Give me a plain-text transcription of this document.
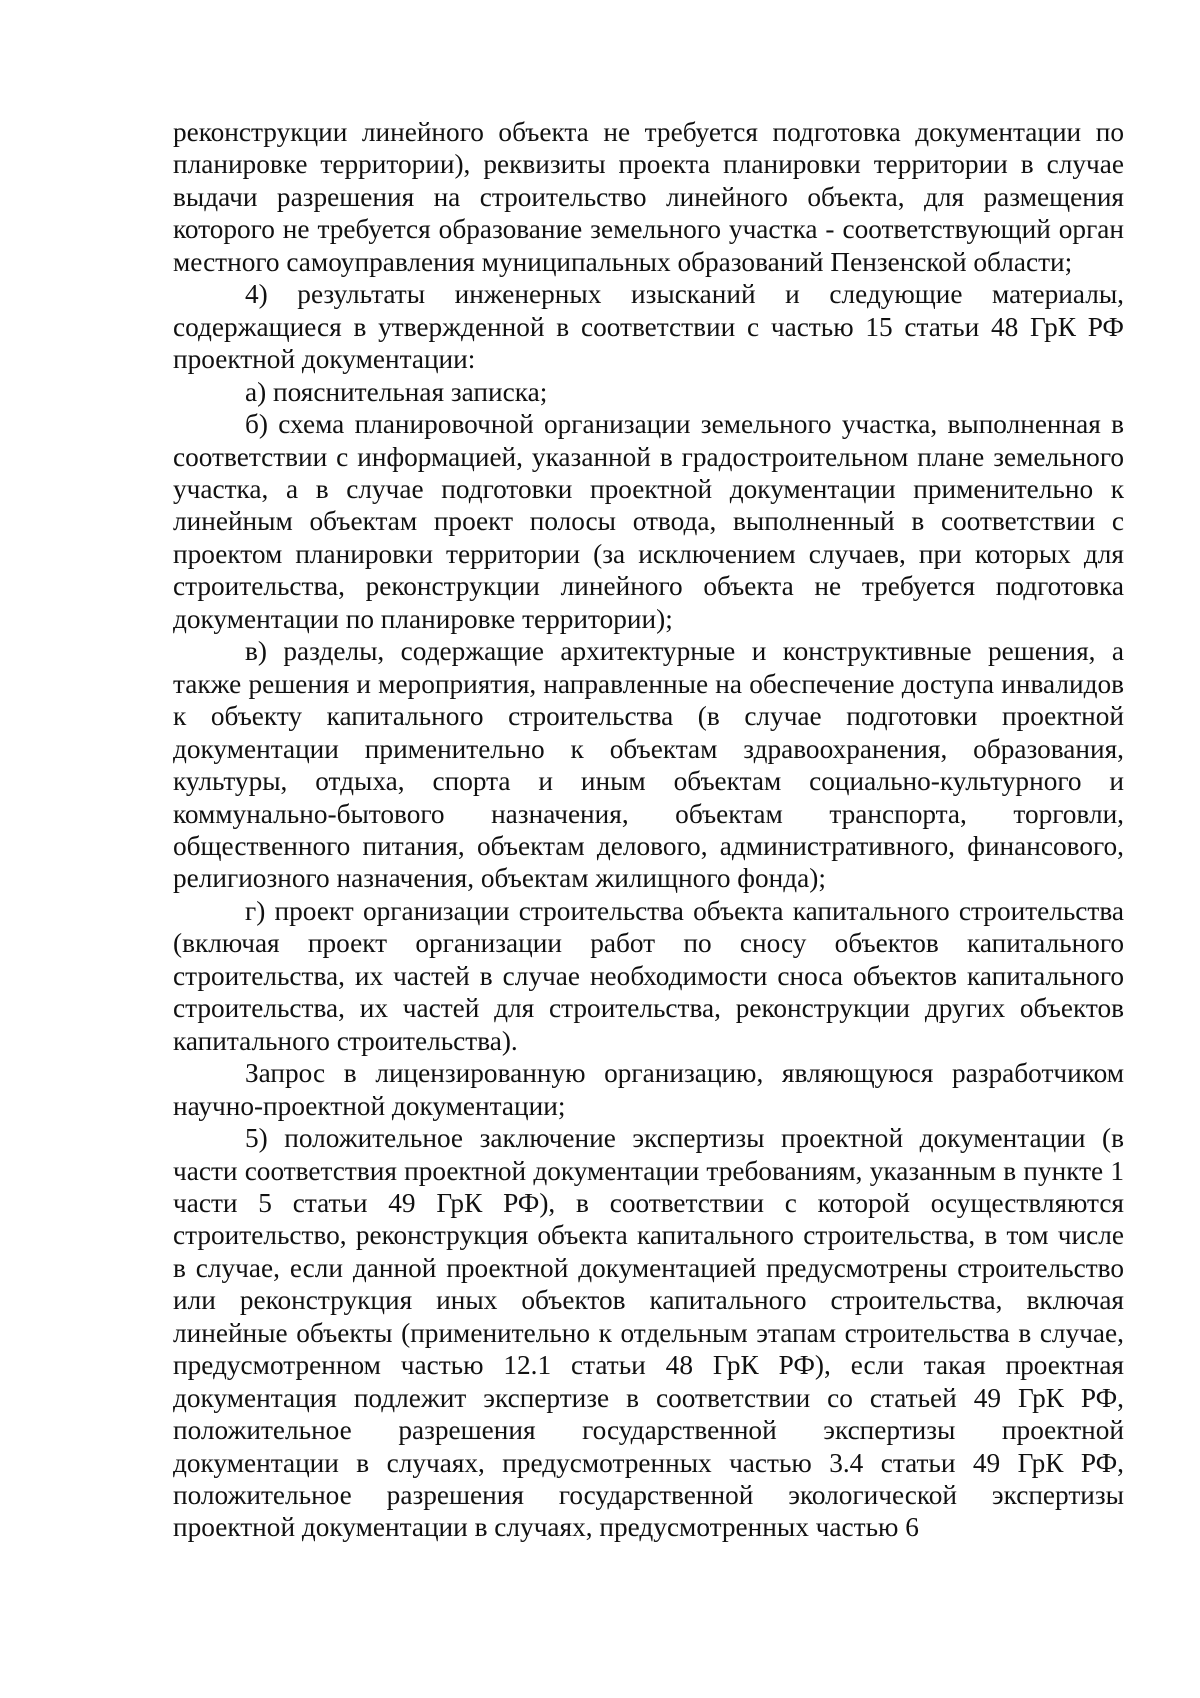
реконструкции линейного объекта не требуется подготовка документации по планировке территории), реквизиты проекта планировки территории в случае выдачи разрешения на строительство линейного объекта, для размещения которого не требуется образование земельного участка - соответствующий орган местного самоуправления муниципальных образований Пензенской области;

4) результаты инженерных изысканий и следующие материалы, содержащиеся в утвержденной в соответствии с частью 15 статьи 48 ГрК РФ проектной документации:

а) пояснительная записка;

б) схема планировочной организации земельного участка, выполненная в соответствии с информацией, указанной в градостроительном плане земельного участка, а в случае подготовки проектной документации применительно к линейным объектам проект полосы отвода, выполненный в соответствии с проектом планировки территории (за исключением случаев, при которых для строительства, реконструкции линейного объекта не требуется подготовка документации по планировке территории);

в) разделы, содержащие архитектурные и конструктивные решения, а также решения и мероприятия, направленные на обеспечение доступа инвалидов к объекту капитального строительства (в случае подготовки проектной документации применительно к объектам здравоохранения, образования, культуры, отдыха, спорта и иным объектам социально-культурного и коммунально-бытового назначения, объектам транспорта, торговли, общественного питания, объектам делового, административного, финансового, религиозного назначения, объектам жилищного фонда);

г) проект организации строительства объекта капитального строительства (включая проект организации работ по сносу объектов капитального строительства, их частей в случае необходимости сноса объектов капитального строительства, их частей для строительства, реконструкции других объектов капитального строительства).

Запрос в лицензированную организацию, являющуюся разработчиком научно-проектной документации;

5) положительное заключение экспертизы проектной документации (в части соответствия проектной документации требованиям, указанным в пункте 1 части 5 статьи 49 ГрК РФ), в соответствии с которой осуществляются строительство, реконструкция объекта капитального строительства, в том числе в случае, если данной проектной документацией предусмотрены строительство или реконструкция иных объектов капитального строительства, включая линейные объекты (применительно к отдельным этапам строительства в случае, предусмотренном частью 12.1 статьи 48 ГрК РФ), если такая проектная документация подлежит экспертизе в соответствии со статьей 49 ГрК РФ, положительное разрешения государственной экспертизы проектной документации в случаях, предусмотренных частью 3.4 статьи 49 ГрК РФ, положительное разрешения государственной экологической экспертизы проектной документации в случаях, предусмотренных частью 6
